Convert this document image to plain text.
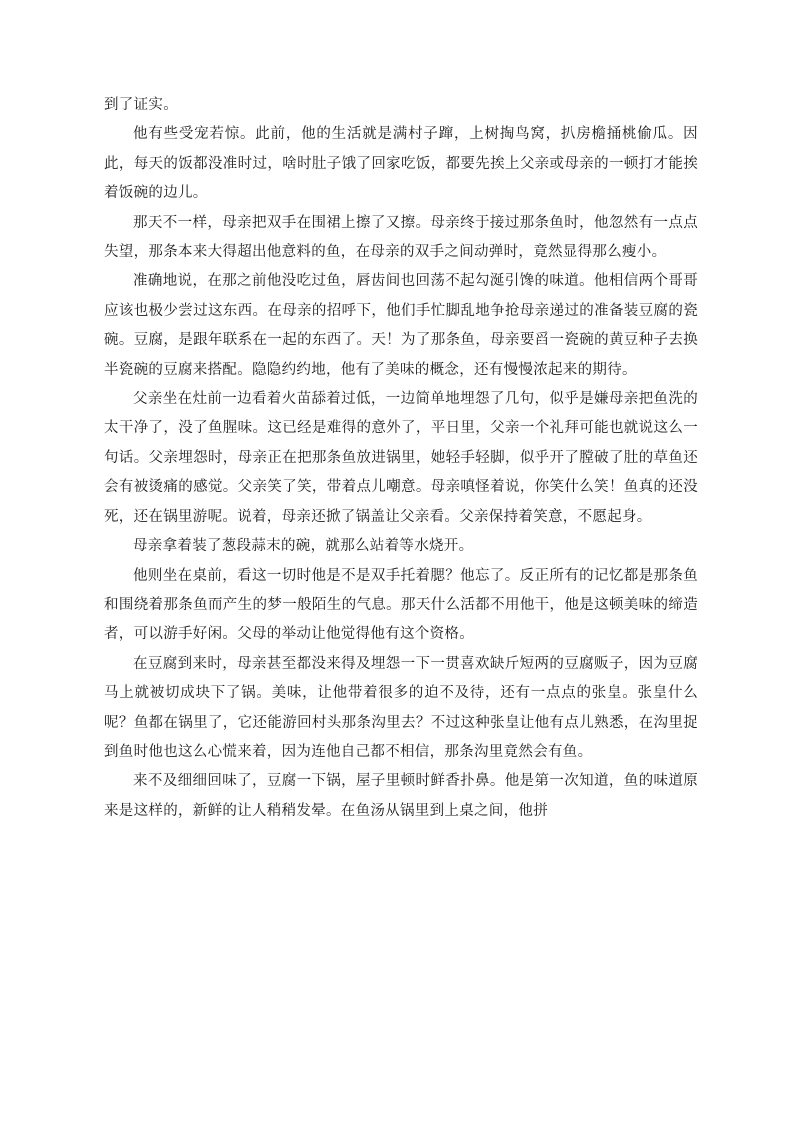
到了证实。

他有些受宠若惊。此前，他的生活就是满村子蹿，上树掏鸟窝，扒房檐捅桃偷瓜。因此，每天的饭都没准时过，啥时肚子饿了回家吃饭，都要先挨上父亲或母亲的一顿打才能挨着饭碗的边儿。

那天不一样，母亲把双手在围裙上擦了又擦。母亲终于接过那条鱼时，他忽然有一点点失望，那条本来大得超出他意料的鱼，在母亲的双手之间动弹时，竟然显得那么瘦小。

准确地说，在那之前他没吃过鱼，唇齿间也回荡不起勾涎引馋的味道。他相信两个哥哥应该也极少尝过这东西。在母亲的招呼下，他们手忙脚乱地争抢母亲递过的准备装豆腐的瓷碗。豆腐，是跟年联系在一起的东西了。天！为了那条鱼，母亲要舀一瓷碗的黄豆种子去换半瓷碗的豆腐来搭配。隐隐约约地，他有了美味的概念，还有慢慢浓起来的期待。

父亲坐在灶前一边看着火苗舔着过低，一边简单地埋怨了几句，似乎是嫌母亲把鱼洗的太干净了，没了鱼腥味。这已经是难得的意外了，平日里，父亲一个礼拜可能也就说这么一句话。父亲埋怨时，母亲正在把那条鱼放进锅里，她轻手轻脚，似乎开了膛破了肚的草鱼还会有被烫痛的感觉。父亲笑了笑，带着点儿嘲意。母亲嗔怪着说，你笑什么笑！鱼真的还没死，还在锅里游呢。说着，母亲还掀了锅盖让父亲看。父亲保持着笑意，不愿起身。

母亲拿着装了葱段蒜末的碗，就那么站着等水烧开。

他则坐在桌前，看这一切时他是不是双手托着腮？他忘了。反正所有的记忆都是那条鱼和围绕着那条鱼而产生的梦一般陌生的气息。那天什么活都不用他干，他是这顿美味的缔造者，可以游手好闲。父母的举动让他觉得他有这个资格。

在豆腐到来时，母亲甚至都没来得及埋怨一下一贯喜欢缺斤短两的豆腐贩子，因为豆腐马上就被切成块下了锅。美味，让他带着很多的迫不及待，还有一点点的张皇。张皇什么呢？鱼都在锅里了，它还能游回村头那条沟里去？不过这种张皇让他有点儿熟悉，在沟里捉到鱼时他也这么心慌来着，因为连他自己都不相信，那条沟里竟然会有鱼。

来不及细细回味了，豆腐一下锅，屋子里顿时鲜香扑鼻。他是第一次知道，鱼的味道原来是这样的，新鲜的让人稍稍发晕。在鱼汤从锅里到上桌之间，他拼
